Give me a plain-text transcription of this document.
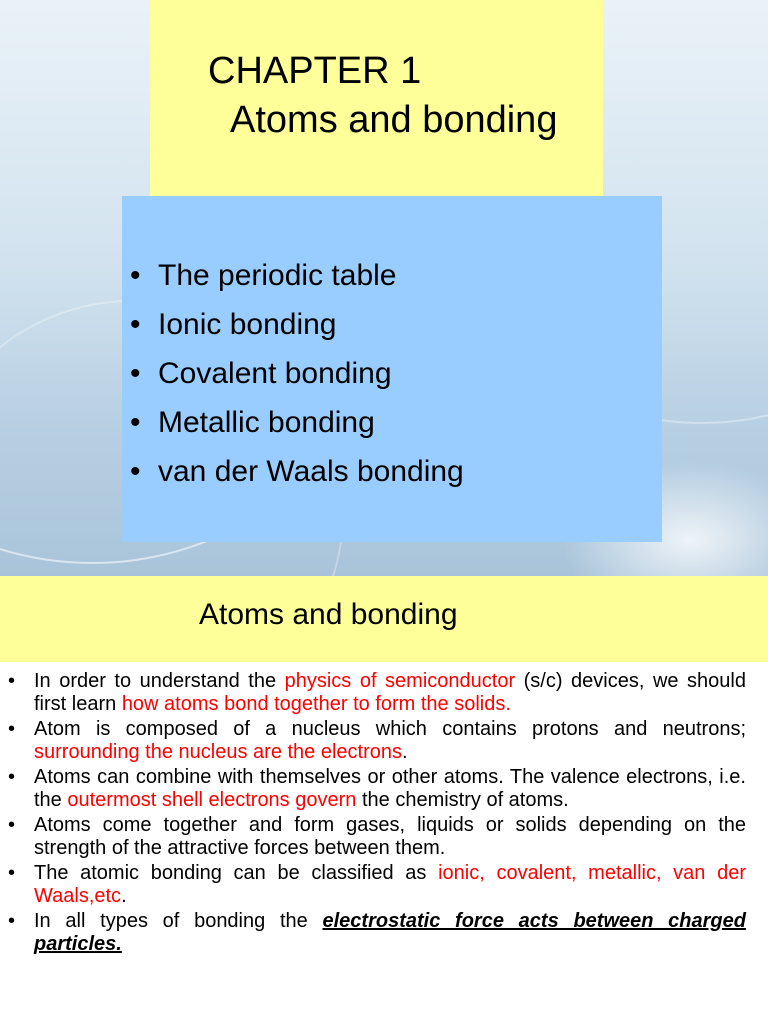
CHAPTER 1
Atoms and bonding
• The periodic table
• Ionic bonding
• Covalent bonding
• Metallic bonding
• van der Waals bonding
Atoms and bonding
• In order to understand the physics of semiconductor (s/c) devices, we should first learn how atoms bond together to form the solids.
• Atom is composed of a nucleus which contains protons and neutrons; surrounding the nucleus are the electrons.
• Atoms can combine with themselves or other atoms. The valence electrons, i.e. the outermost shell electrons govern the chemistry of atoms.
• Atoms come together and form gases, liquids or solids depending on the strength of the attractive forces between them.
• The atomic bonding can be classified as ionic, covalent, metallic, van der Waals,etc.
• In all types of bonding the electrostatic force acts between charged particles.
